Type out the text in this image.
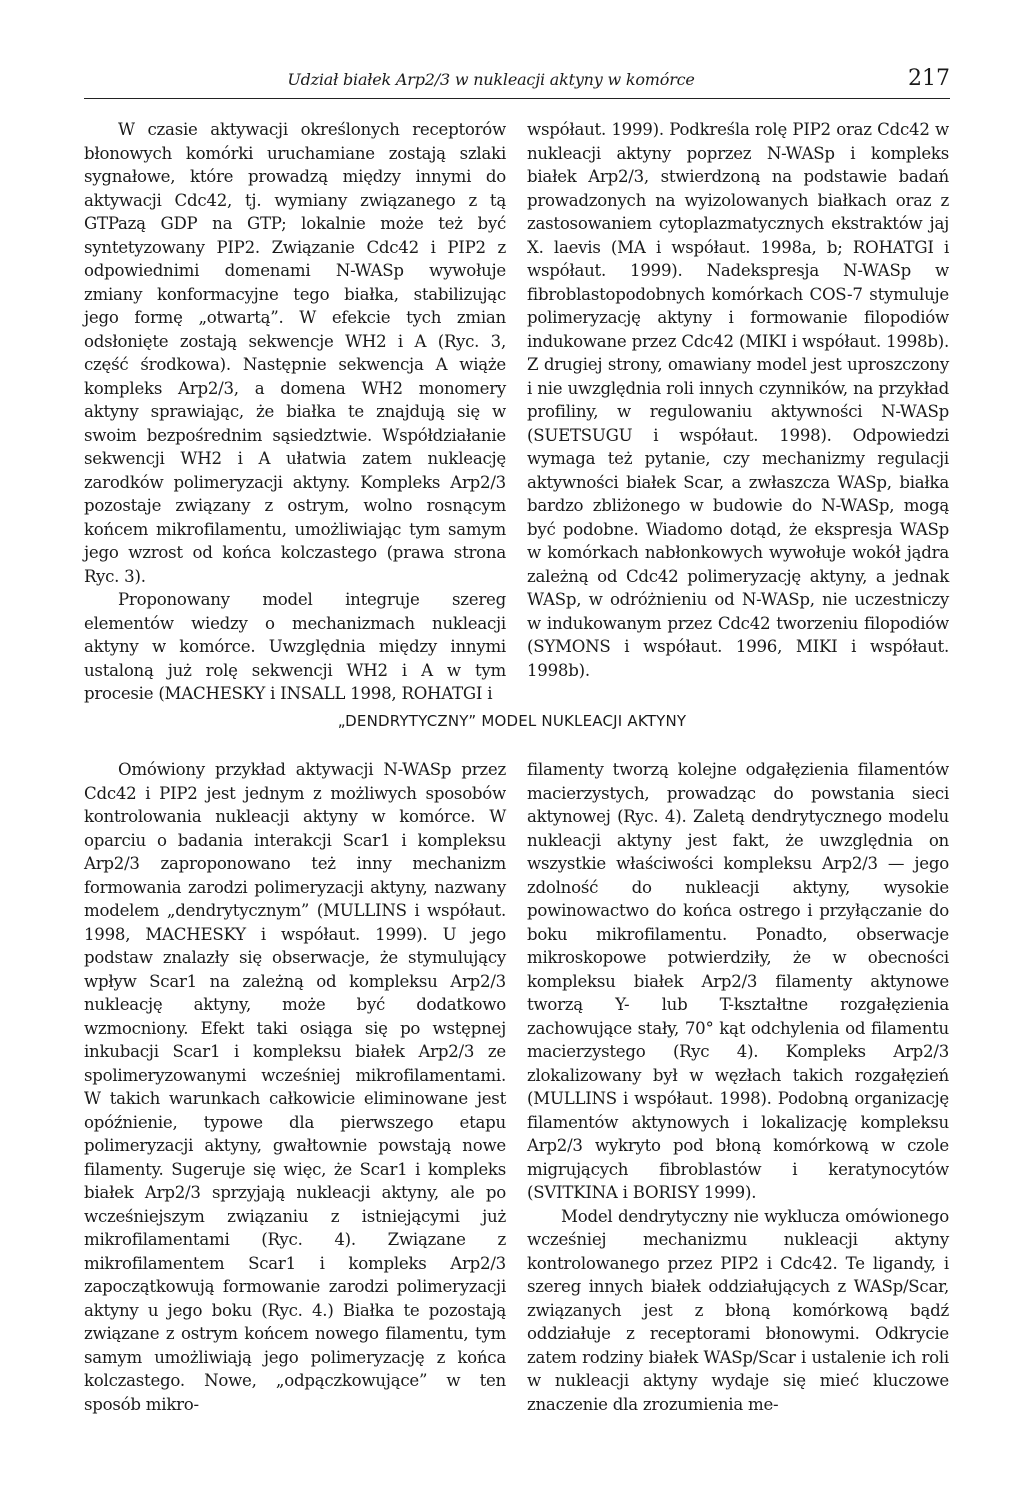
Udział białek Arp2/3 w nukleacji aktyny w komórce	217

W czasie aktywacji określonych receptorów błonowych komórki uruchamiane zostają szlaki sygnałowe, które prowadzą między innymi do aktywacji Cdc42, tj. wymiany związanego z tą GTPazą GDP na GTP; lokalnie może też być syntetyzowany PIP2. Związanie Cdc42 i PIP2 z odpowiednimi domenami N-WASp wywołuje zmiany konformacyjne tego białka, stabilizując jego formę „otwartą”. W efekcie tych zmian odsłonięte zostają sekwencje WH2 i A (Ryc. 3, część środkowa). Następnie sekwencja A wiąże kompleks Arp2/3, a domena WH2 monomery aktyny sprawiając, że białka te znajdują się w swoim bezpośrednim sąsiedztwie. Współdziałanie sekwencji WH2 i A ułatwia zatem nukleację zarodków polimeryzacji aktyny. Kompleks Arp2/3 pozostaje związany z ostrym, wolno rosnącym końcem mikrofilamentu, umożliwiając tym samym jego wzrost od końca kolczastego (prawa strona Ryc. 3).

Proponowany model integruje szereg elementów wiedzy o mechanizmach nukleacji aktyny w komórce. Uwzględnia między innymi ustaloną już rolę sekwencji WH2 i A w tym procesie (MACHESKY i INSALL 1998, ROHATGI i

współaut. 1999). Podkreśla rolę PIP2 oraz Cdc42 w nukleacji aktyny poprzez N-WASp i kompleks białek Arp2/3, stwierdzoną na podstawie badań prowadzonych na wyizolowanych białkach oraz z zastosowaniem cytoplazmatycznych ekstraktów jaj X. laevis (MA i współaut. 1998a, b; ROHATGI i współaut. 1999). Nadekspresja N-WASp w fibroblastopodobnych komórkach COS-7 stymuluje polimeryzację aktyny i formowanie filopodiów indukowane przez Cdc42 (MIKI i współaut. 1998b). Z drugiej strony, omawiany model jest uproszczony i nie uwzględnia roli innych czynników, na przykład profiliny, w regulowaniu aktywności N-WASp (SUETSUGU i współaut. 1998). Odpowiedzi wymaga też pytanie, czy mechanizmy regulacji aktywności białek Scar, a zwłaszcza WASp, białka bardzo zbliżonego w budowie do N-WASp, mogą być podobne. Wiadomo dotąd, że ekspresja WASp w komórkach nabłonkowych wywołuje wokół jądra zależną od Cdc42 polimeryzację aktyny, a jednak WASp, w odróżnieniu od N-WASp, nie uczestniczy w indukowanym przez Cdc42 tworzeniu filopodiów (SYMONS i współaut. 1996, MIKI i współaut. 1998b).

„DENDRYTYCZNY” MODEL NUKLEACJI AKTYNY

Omówiony przykład aktywacji N-WASp przez Cdc42 i PIP2 jest jednym z możliwych sposobów kontrolowania nukleacji aktyny w komórce. W oparciu o badania interakcji Scar1 i kompleksu Arp2/3 zaproponowano też inny mechanizm formowania zarodzi polimeryzacji aktyny, nazwany modelem „dendrytycznym” (MULLINS i współaut. 1998, MACHESKY i współaut. 1999). U jego podstaw znalazły się obserwacje, że stymulujący wpływ Scar1 na zależną od kompleksu Arp2/3 nukleację aktyny, może być dodatkowo wzmocniony. Efekt taki osiąga się po wstępnej inkubacji Scar1 i kompleksu białek Arp2/3 ze spolimeryzowanymi wcześniej mikrofilamentami. W takich warunkach całkowicie eliminowane jest opóźnienie, typowe dla pierwszego etapu polimeryzacji aktyny, gwałtownie powstają nowe filamenty. Sugeruje się więc, że Scar1 i kompleks białek Arp2/3 sprzyjają nukleacji aktyny, ale po wcześniejszym związaniu z istniejącymi już mikrofilamentami (Ryc. 4). Związane z mikrofilamentem Scar1 i kompleks Arp2/3 zapoczątkowują formowanie zarodzi polimeryzacji aktyny u jego boku (Ryc. 4.) Białka te pozostają związane z ostrym końcem nowego filamentu, tym samym umożliwiają jego polimeryzację z końca kolczastego. Nowe, „odpączkowujące” w ten sposób mikro-

filamenty tworzą kolejne odgałęzienia filamentów macierzystych, prowadząc do powstania sieci aktynowej (Ryc. 4). Zaletą dendrytycznego modelu nukleacji aktyny jest fakt, że uwzględnia on wszystkie właściwości kompleksu Arp2/3 — jego zdolność do nukleacji aktyny, wysokie powinowactwo do końca ostrego i przyłączanie do boku mikrofilamentu. Ponadto, obserwacje mikroskopowe potwierdziły, że w obecności kompleksu białek Arp2/3 filamenty aktynowe tworzą Y- lub T-kształtne rozgałęzienia zachowujące stały, 70° kąt odchylenia od filamentu macierzystego (Ryc 4). Kompleks Arp2/3 zlokalizowany był w węzłach takich rozgałęzień (MULLINS i współaut. 1998). Podobną organizację filamentów aktynowych i lokalizację kompleksu Arp2/3 wykryto pod błoną komórkową w czole migrujących fibroblastów i keratynocytów (SVITKINA i BORISY 1999).

Model dendrytyczny nie wyklucza omówionego wcześniej mechanizmu nukleacji aktyny kontrolowanego przez PIP2 i Cdc42. Te ligandy, i szereg innych białek oddziałujących z WASp/Scar, związanych jest z błoną komórkową bądź oddziałuje z receptorami błonowymi. Odkrycie zatem rodziny białek WASp/Scar i ustalenie ich roli w nukleacji aktyny wydaje się mieć kluczowe znaczenie dla zrozumienia me-
